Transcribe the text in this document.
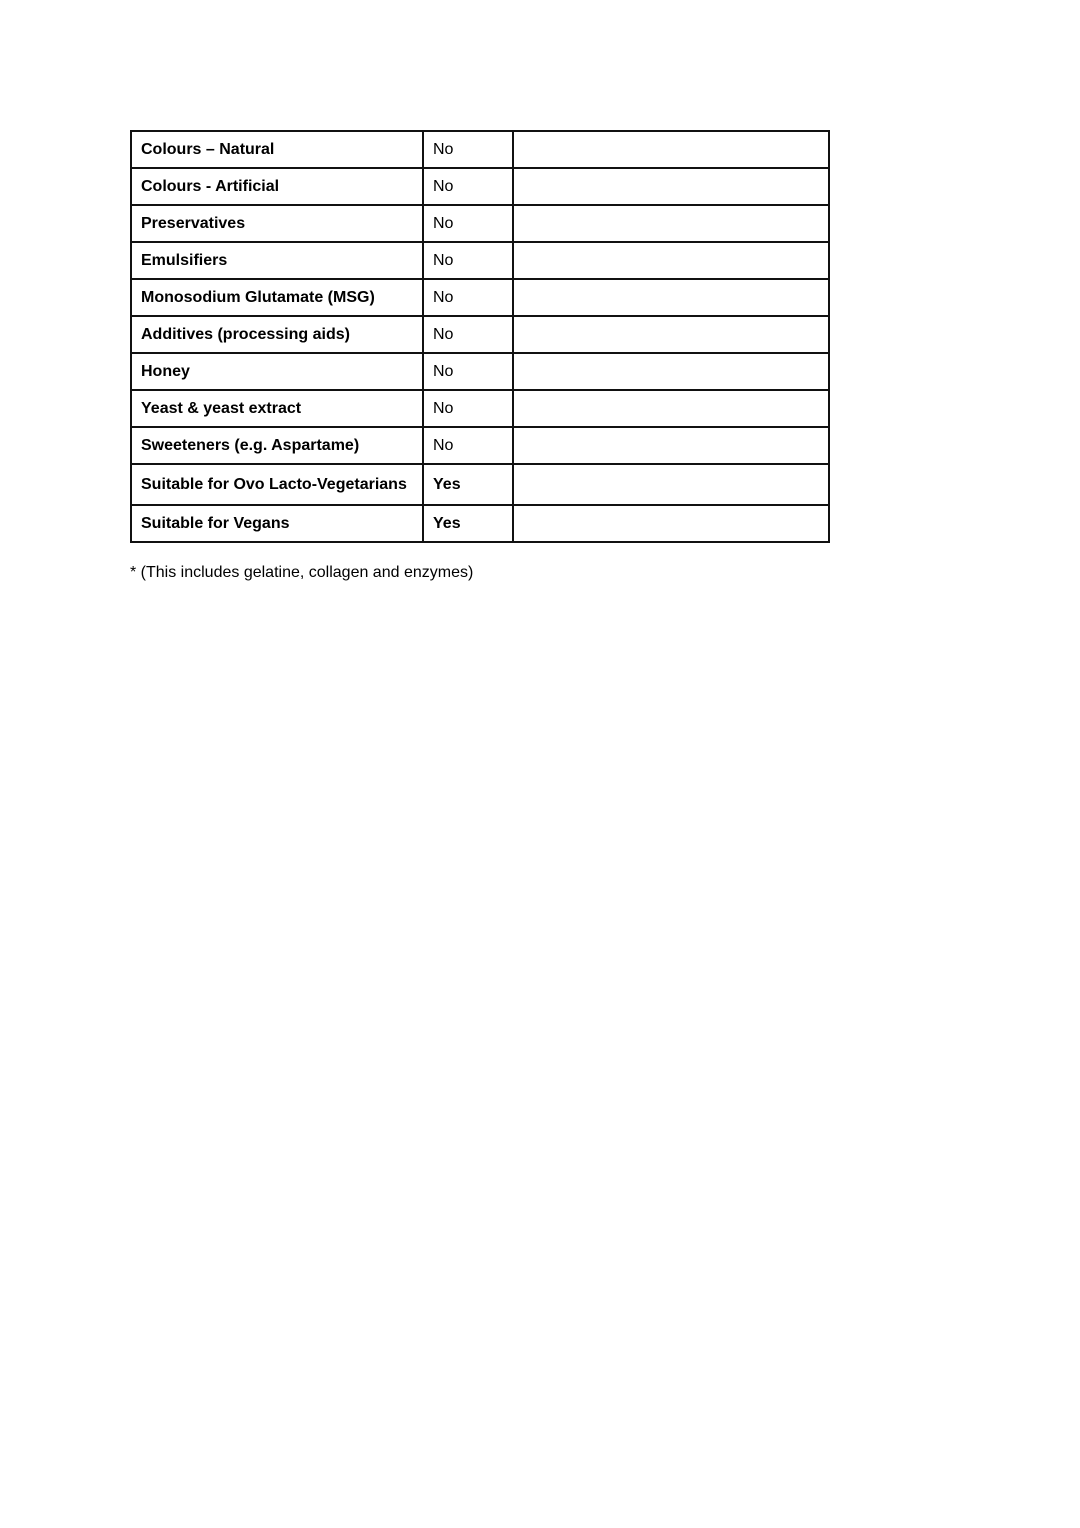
Colours – Natural	No	
Colours - Artificial	No	
Preservatives	No	
Emulsifiers	No	
Monosodium Glutamate (MSG)	No	
Additives (processing aids)	No	
Honey	No	
Yeast & yeast extract	No	
Sweeteners (e.g. Aspartame)	No	
Suitable for Ovo Lacto-Vegetarians	Yes	
Suitable for Vegans	Yes	
* (This includes gelatine, collagen and enzymes)
